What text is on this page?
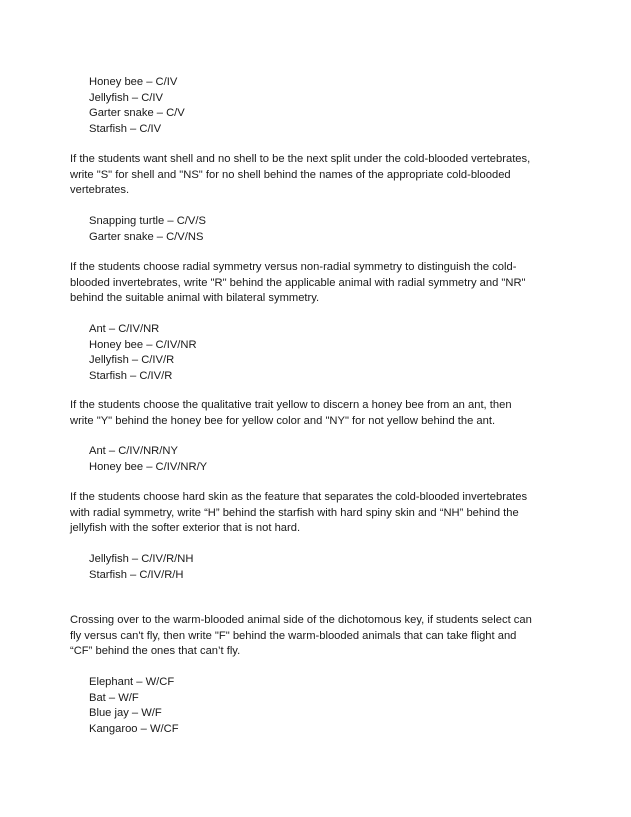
Honey bee – C/IV
Jellyfish – C/IV
Garter snake – C/V
Starfish – C/IV
If the students want shell and no shell to be the next split under the cold-blooded vertebrates,
write "S" for shell and "NS" for no shell behind the names of the appropriate cold-blooded
vertebrates.
Snapping turtle – C/V/S
Garter snake – C/V/NS
If the students choose radial symmetry versus non-radial symmetry to distinguish the cold-
blooded invertebrates, write "R" behind the applicable animal with radial symmetry and "NR"
behind the suitable animal with bilateral symmetry.
Ant – C/IV/NR
Honey bee – C/IV/NR
Jellyfish – C/IV/R
Starfish – C/IV/R
If the students choose the qualitative trait yellow to discern a honey bee from an ant, then
write "Y" behind the honey bee for yellow color and "NY" for not yellow behind the ant.
Ant – C/IV/NR/NY
Honey bee – C/IV/NR/Y
If the students choose hard skin as the feature that separates the cold-blooded invertebrates
with radial symmetry, write “H” behind the starfish with hard spiny skin and “NH” behind the
jellyfish with the softer exterior that is not hard.
Jellyfish – C/IV/R/NH
Starfish – C/IV/R/H
Crossing over to the warm-blooded animal side of the dichotomous key, if students select can
fly versus can't fly, then write "F" behind the warm-blooded animals that can take flight and
“CF” behind the ones that can’t fly.
Elephant – W/CF
Bat – W/F
Blue jay – W/F
Kangaroo – W/CF
